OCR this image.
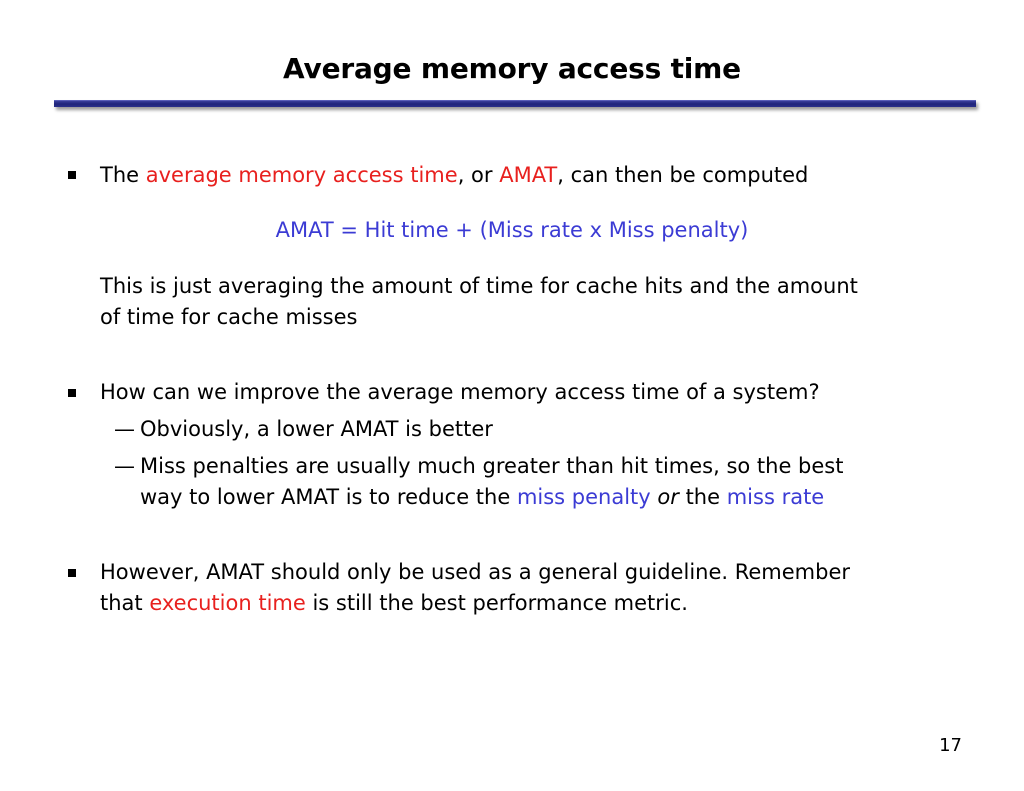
Average memory access time
The average memory access time, or AMAT, can then be computed
AMAT = Hit time + (Miss rate x Miss penalty)
This is just averaging the amount of time for cache hits and the amount
of time for cache misses
How can we improve the average memory access time of a system?
— Obviously, a lower AMAT is better
— Miss penalties are usually much greater than hit times, so the best
way to lower AMAT is to reduce the miss penalty or the miss rate
However, AMAT should only be used as a general guideline. Remember
that execution time is still the best performance metric.
17
